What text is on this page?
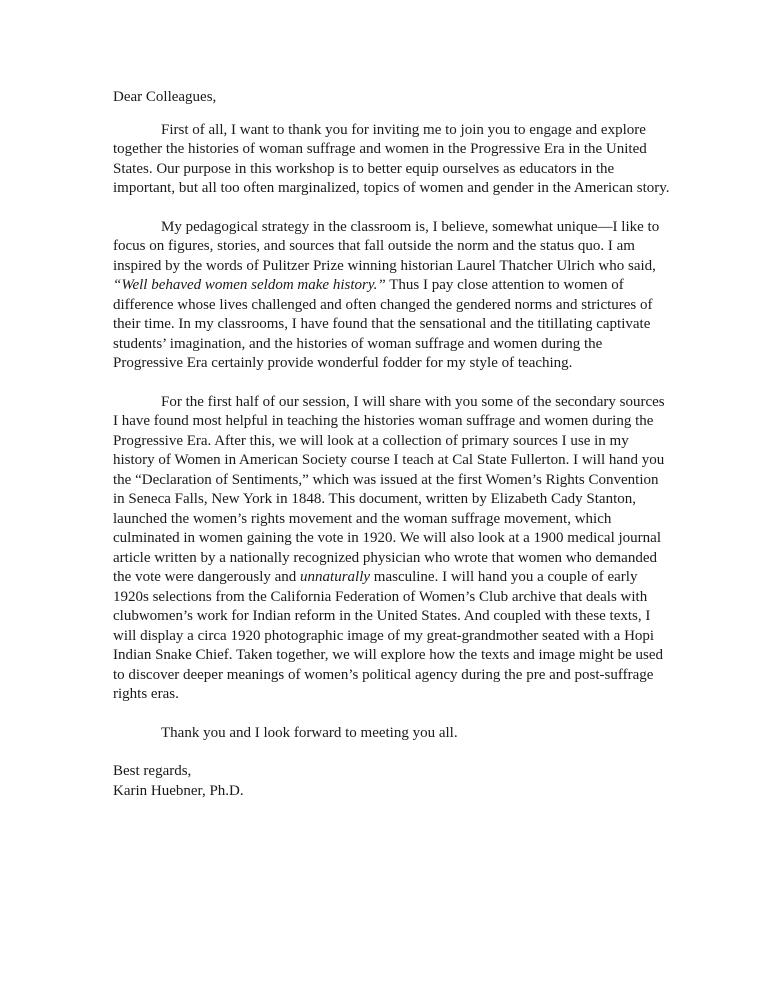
Dear Colleagues,

First of all, I want to thank you for inviting me to join you to engage and explore together the histories of woman suffrage and women in the Progressive Era in the United States. Our purpose in this workshop is to better equip ourselves as educators in the important, but all too often marginalized, topics of women and gender in the American story.

My pedagogical strategy in the classroom is, I believe, somewhat unique—I like to focus on figures, stories, and sources that fall outside the norm and the status quo. I am inspired by the words of Pulitzer Prize winning historian Laurel Thatcher Ulrich who said, “Well behaved women seldom make history.” Thus I pay close attention to women of difference whose lives challenged and often changed the gendered norms and strictures of their time. In my classrooms, I have found that the sensational and the titillating captivate students’ imagination, and the histories of woman suffrage and women during the Progressive Era certainly provide wonderful fodder for my style of teaching.

For the first half of our session, I will share with you some of the secondary sources I have found most helpful in teaching the histories woman suffrage and women during the Progressive Era. After this, we will look at a collection of primary sources I use in my history of Women in American Society course I teach at Cal State Fullerton. I will hand you the “Declaration of Sentiments,” which was issued at the first Women’s Rights Convention in Seneca Falls, New York in 1848. This document, written by Elizabeth Cady Stanton, launched the women’s rights movement and the woman suffrage movement, which culminated in women gaining the vote in 1920. We will also look at a 1900 medical journal article written by a nationally recognized physician who wrote that women who demanded the vote were dangerously and unnaturally masculine. I will hand you a couple of early 1920s selections from the California Federation of Women’s Club archive that deals with clubwomen’s work for Indian reform in the United States. And coupled with these texts, I will display a circa 1920 photographic image of my great-grandmother seated with a Hopi Indian Snake Chief. Taken together, we will explore how the texts and image might be used to discover deeper meanings of women’s political agency during the pre and post-suffrage rights eras.

Thank you and I look forward to meeting you all.

Best regards,

Karin Huebner, Ph.D.
